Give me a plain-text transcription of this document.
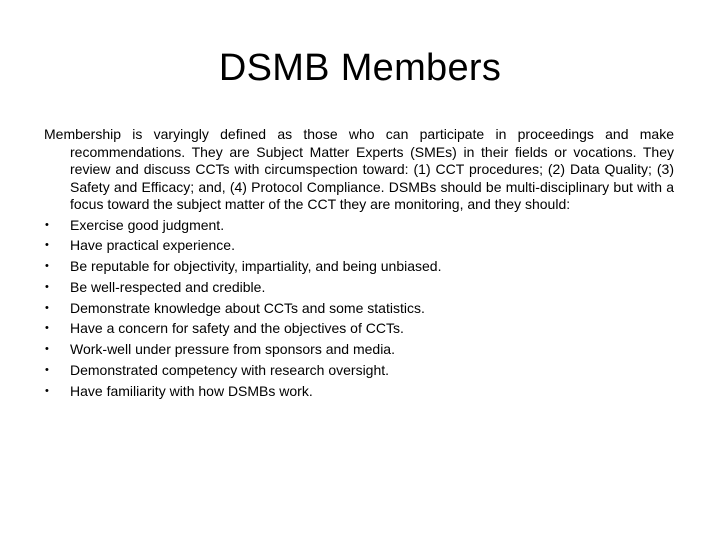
DSMB Members

Membership is varyingly defined as those who can participate in proceedings and make recommendations. They are Subject Matter Experts (SMEs) in their fields or vocations. They review and discuss CCTs with circumspection toward: (1) CCT procedures; (2) Data Quality; (3) Safety and Efficacy; and, (4) Protocol Compliance. DSMBs should be multi-disciplinary but with a focus toward the subject matter of the CCT they are monitoring, and they should:

• Exercise good judgment.
• Have practical experience.
• Be reputable for objectivity, impartiality, and being unbiased.
• Be well-respected and credible.
• Demonstrate knowledge about CCTs and some statistics.
• Have a concern for safety and the objectives of CCTs.
• Work-well under pressure from sponsors and media.
• Demonstrated competency with research oversight.
• Have familiarity with how DSMBs work.
